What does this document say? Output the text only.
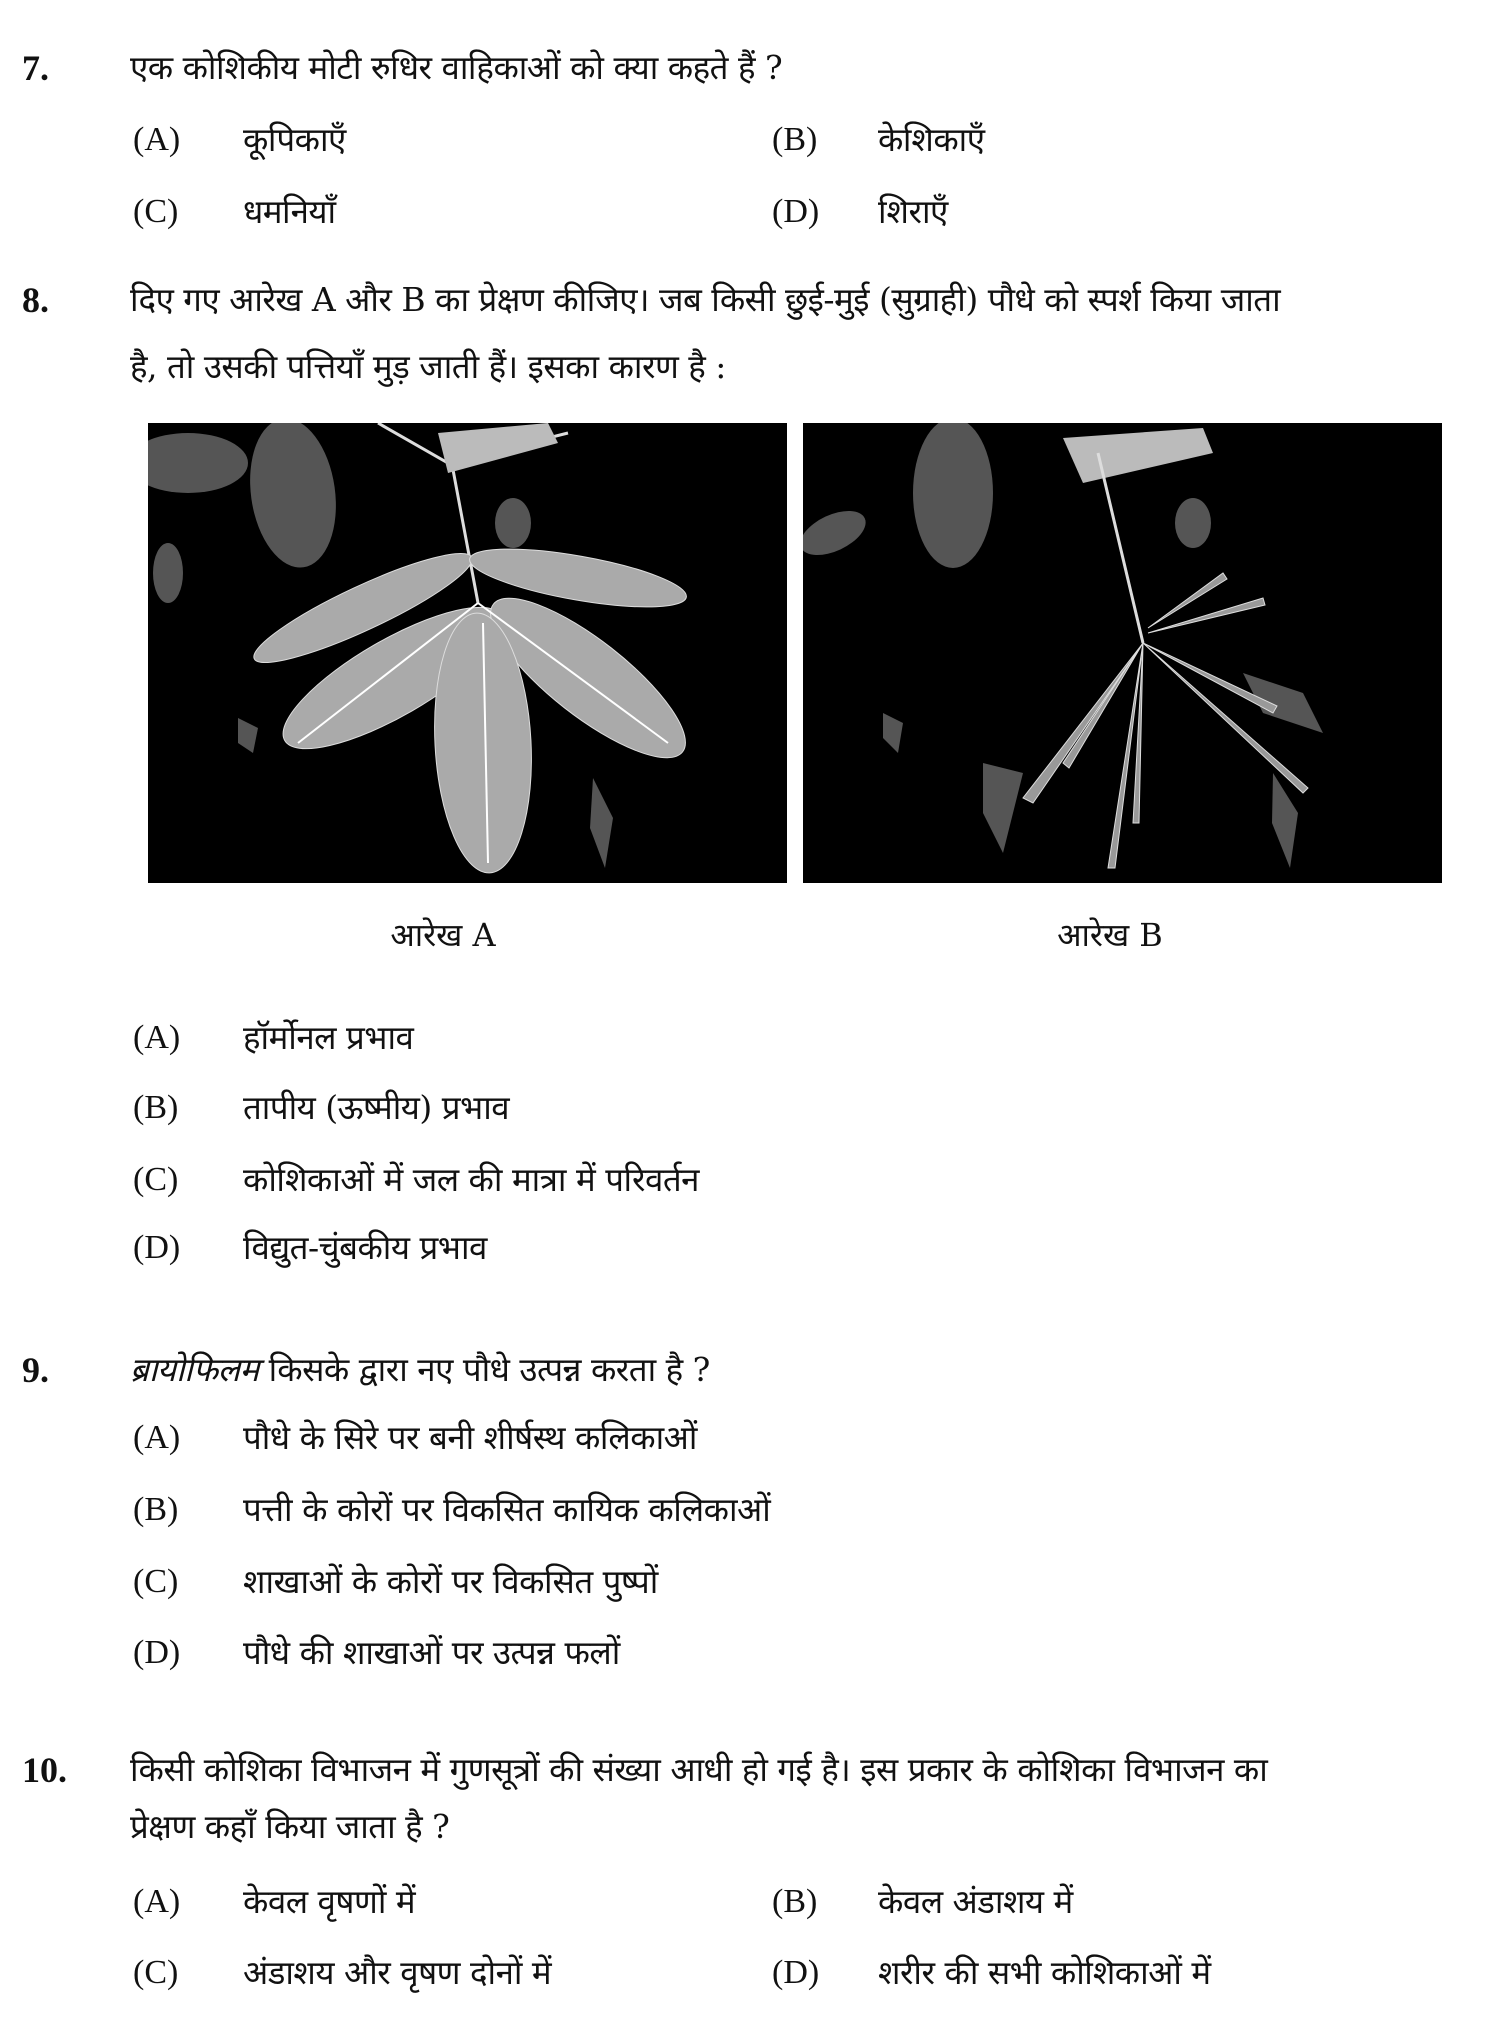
7. एक कोशिकीय मोटी रुधिर वाहिकाओं को क्या कहते हैं ?
(A) कूपिकाएँ	(B) केशिकाएँ
(C) धमनियाँ	(D) शिराएँ
8. दिए गए आरेख A और B का प्रेक्षण कीजिए। जब किसी छुई-मुई (सुग्राही) पौधे को स्पर्श किया जाता
है, तो उसकी पत्तियाँ मुड़ जाती हैं। इसका कारण है :
आरेख A	आरेख B
(A) हॉर्मोनल प्रभाव
(B) तापीय (ऊष्मीय) प्रभाव
(C) कोशिकाओं में जल की मात्रा में परिवर्तन
(D) विद्युत-चुंबकीय प्रभाव
9. ब्रायोफिलम किसके द्वारा नए पौधे उत्पन्न करता है ?
(A) पौधे के सिरे पर बनी शीर्षस्थ कलिकाओं
(B) पत्ती के कोरों पर विकसित कायिक कलिकाओं
(C) शाखाओं के कोरों पर विकसित पुष्पों
(D) पौधे की शाखाओं पर उत्पन्न फलों
10. किसी कोशिका विभाजन में गुणसूत्रों की संख्या आधी हो गई है। इस प्रकार के कोशिका विभाजन का
प्रेक्षण कहाँ किया जाता है ?
(A) केवल वृषणों में	(B) केवल अंडाशय में
(C) अंडाशय और वृषण दोनों में	(D) शरीर की सभी कोशिकाओं में
